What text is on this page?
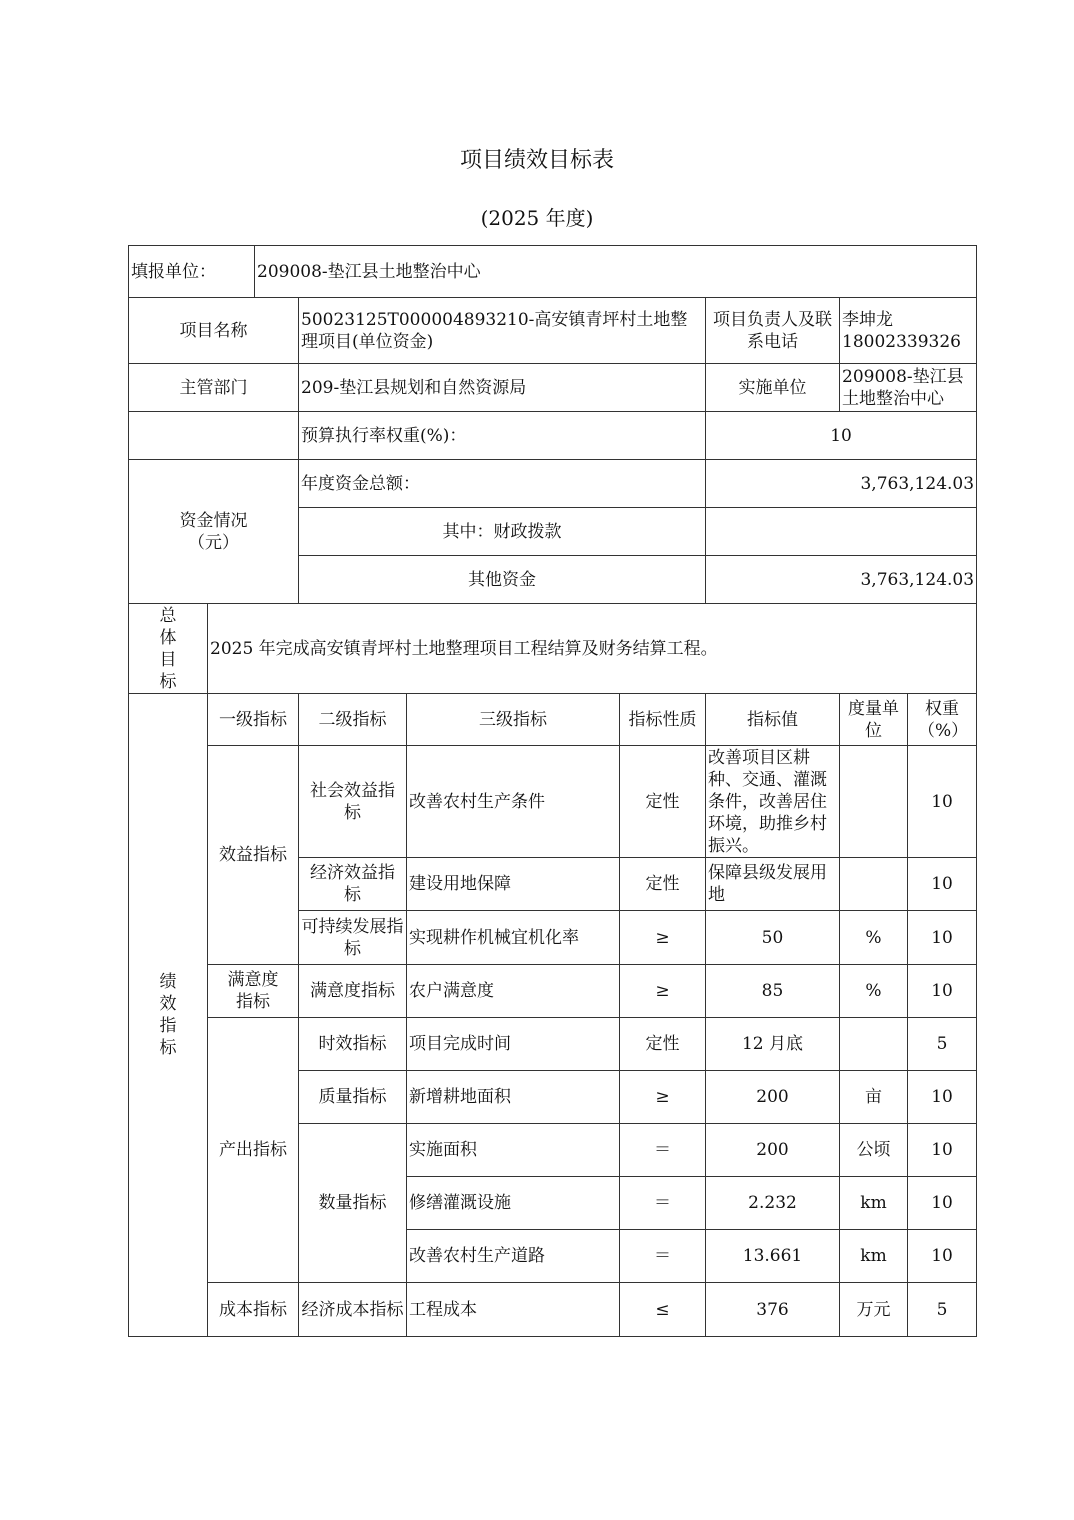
项目绩效目标表
(2025 年度)
填报单位：		209008-垫江县土地整治中心						
项目名称			50023125T000004893210-高安镇青坪村土地整理项目(单位资金)			项目负责人及联系电话	李坤龙 18002339326	
主管部门			209-垫江县规划和自然资源局			实施单位	209008-垫江县土地整治中心	
			预算执行率权重(%)：			10		
资金情况（元）			年度资金总额：			3,763,124.03		
			其中：财政拨款					
			其他资金			3,763,124.03		

总
体
目
标	2025 年完成高安镇青坪村土地整理项目工程结算及财务结算工程。							

绩
效
指
标	一级指标		二级指标	三级指标	指标性质	指标值	度量单位	权重（%）
	效益指标		社会效益指标	改善农村生产条件	定性	改善项目区耕种、交通、灌溉条件，改善居住环境，助推乡村振兴。		10
			经济效益指标	建设用地保障	定性	保障县级发展用地		10
			可持续发展指标	实现耕作机械宜机化率	≥	50	%	10
	满意度指标		满意度指标	农户满意度	≥	85	%	10
	产出指标		时效指标	项目完成时间	定性	12 月底		5
			质量指标	新增耕地面积	≥	200	亩	10
			数量指标	实施面积	＝	200	公顷	10
				修缮灌溉设施	＝	2.232	km	10
				改善农村生产道路	＝	13.661	km	10
	成本指标		经济成本指标	工程成本	≤	376	万元	5
